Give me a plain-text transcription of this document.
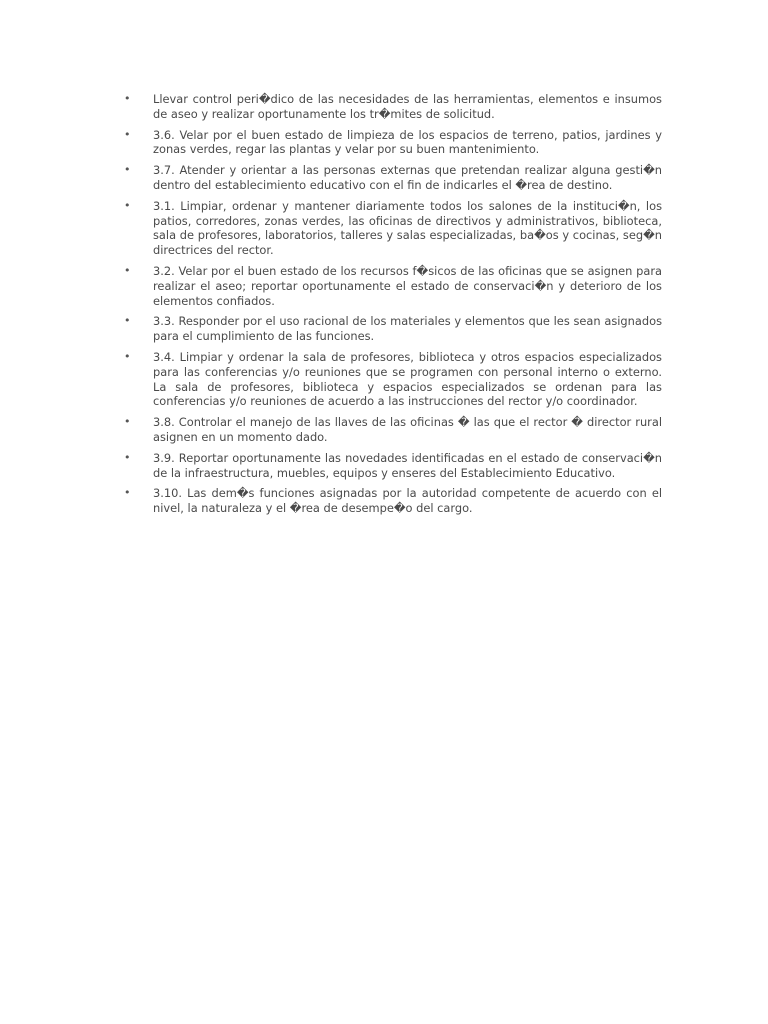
• Llevar control peri�dico de las necesidades de las herramientas, elementos e insumos de aseo y realizar oportunamente los tr�mites de solicitud.
• 3.6. Velar por el buen estado de limpieza de los espacios de terreno, patios, jardines y zonas verdes, regar las plantas y velar por su buen mantenimiento.
• 3.7. Atender y orientar a las personas externas que pretendan realizar alguna gesti�n dentro del establecimiento educativo con el fin de indicarles el �rea de destino.
• 3.1. Limpiar, ordenar y mantener diariamente todos los salones de la instituci�n, los patios, corredores, zonas verdes, las oficinas de directivos y administrativos, biblioteca, sala de profesores, laboratorios, talleres y salas especializadas, ba�os y cocinas, seg�n directrices del rector.
• 3.2. Velar por el buen estado de los recursos f�sicos de las oficinas que se asignen para realizar el aseo; reportar oportunamente el estado de conservaci�n y deterioro de los elementos confiados.
• 3.3. Responder por el uso racional de los materiales y elementos que les sean asignados para el cumplimiento de las funciones.
• 3.4. Limpiar y ordenar la sala de profesores, biblioteca y otros espacios especializados para las conferencias y/o reuniones que se programen con personal interno o externo. La sala de profesores, biblioteca y espacios especializados se ordenan para las conferencias y/o reuniones de acuerdo a las instrucciones del rector y/o coordinador.
• 3.8. Controlar el manejo de las llaves de las oficinas � las que el rector � director rural asignen en un momento dado.
• 3.9. Reportar oportunamente las novedades identificadas en el estado de conservaci�n de la infraestructura, muebles, equipos y enseres del Establecimiento Educativo.
• 3.10. Las dem�s funciones asignadas por la autoridad competente de acuerdo con el nivel, la naturaleza y el �rea de desempe�o del cargo.
